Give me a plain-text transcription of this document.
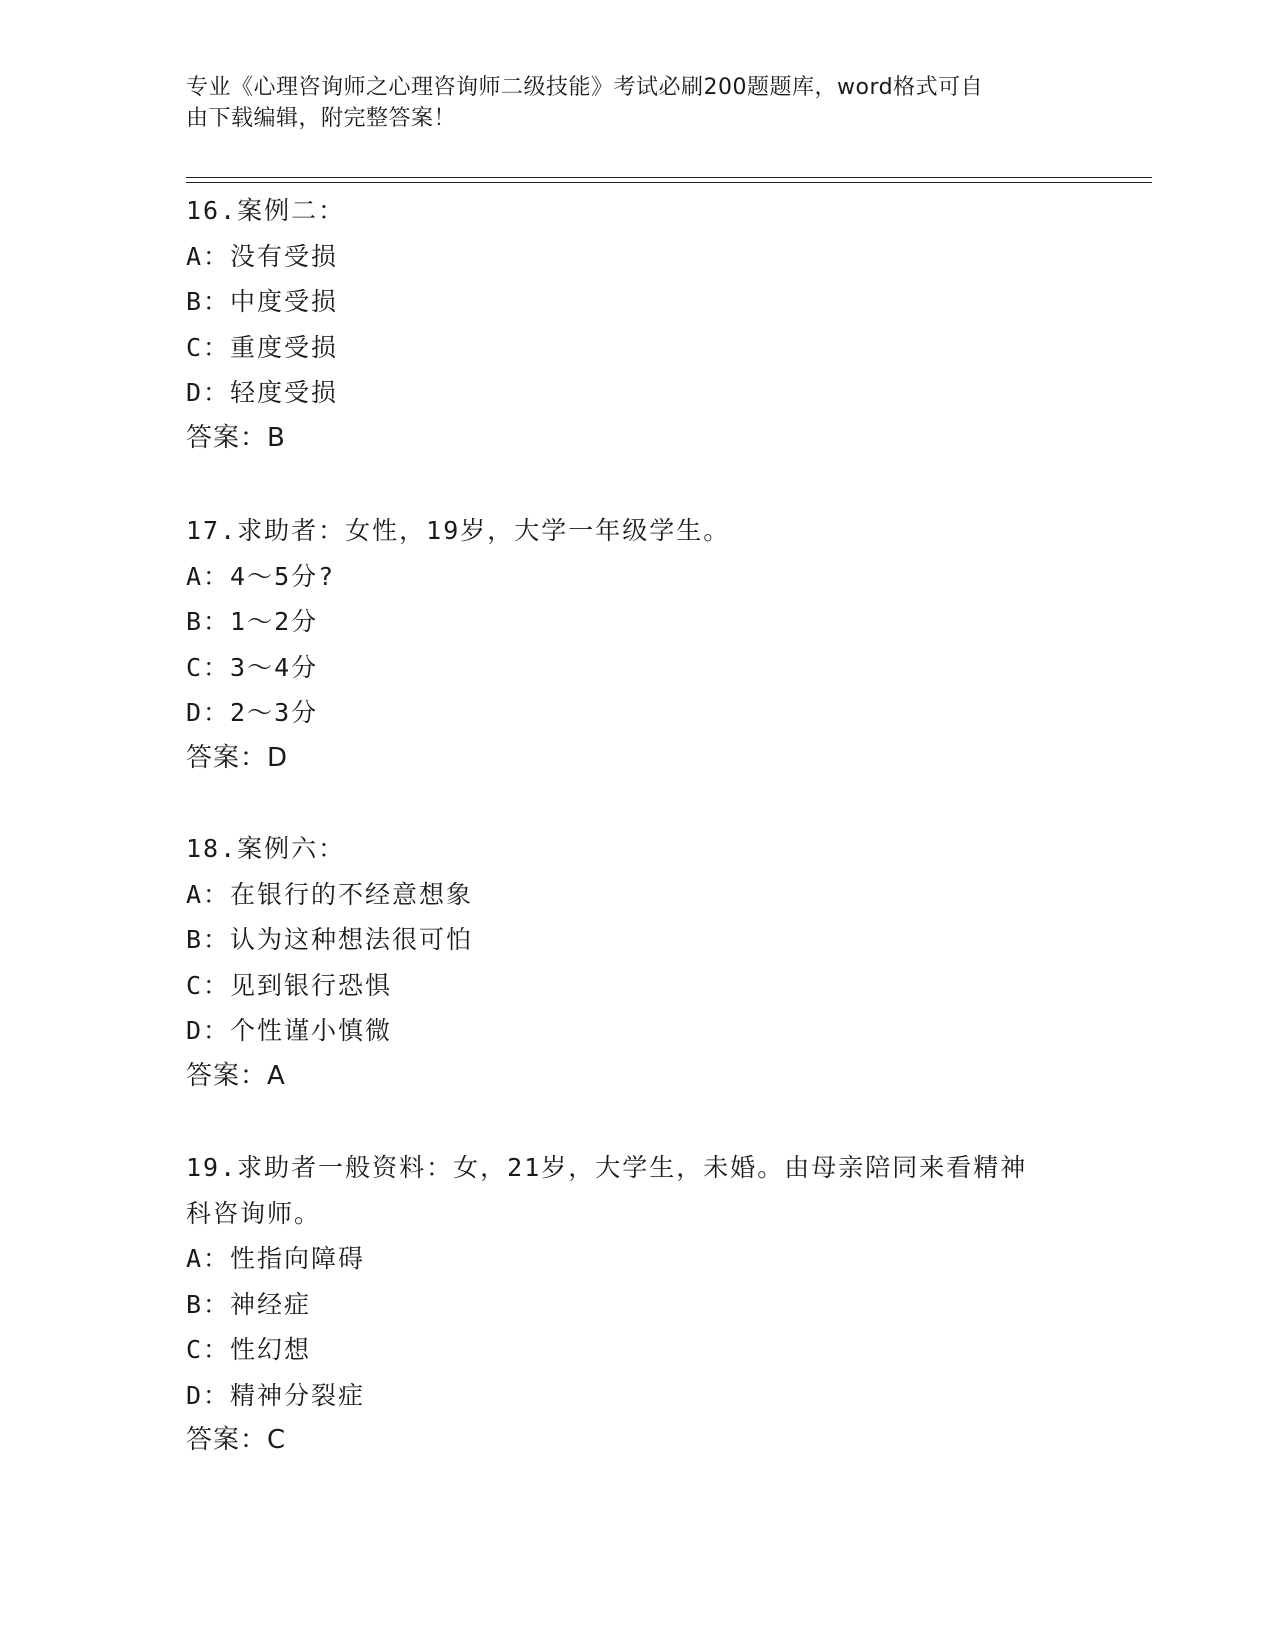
专业《心理咨询师之心理咨询师二级技能》考试必刷200题题库，word格式可自
由下载编辑，附完整答案！
16.案例二：
A：没有受损
B：中度受损
C：重度受损
D：轻度受损
答案：B
17.求助者：女性，19岁，大学一年级学生。
A：4～5分?
B：1～2分
C：3～4分
D：2～3分
答案：D
18.案例六：
A：在银行的不经意想象
B：认为这种想法很可怕
C：见到银行恐惧
D：个性谨小慎微
答案：A
19.求助者一般资料：女，21岁，大学生，未婚。由母亲陪同来看精神
科咨询师。
A：性指向障碍
B：神经症
C：性幻想
D：精神分裂症
答案：C
